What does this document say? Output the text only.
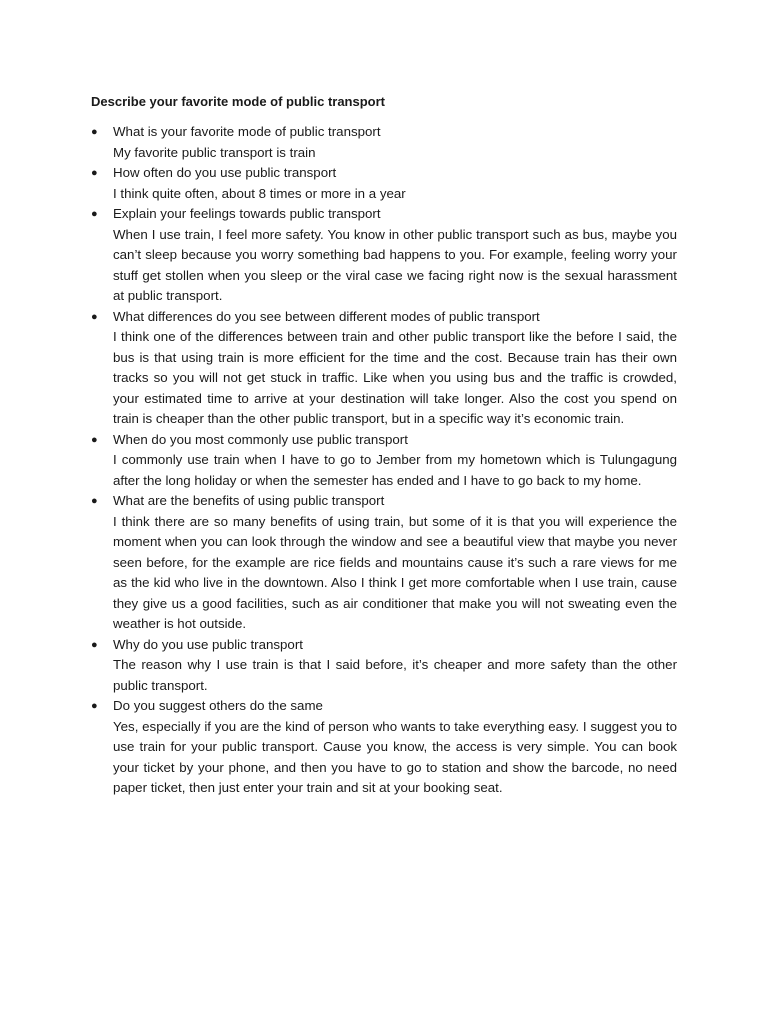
Describe your favorite mode of public transport
● What is your favorite mode of public transport
My favorite public transport is train
● How often do you use public transport
I think quite often, about 8 times or more in a year
● Explain your feelings towards public transport
When I use train, I feel more safety. You know in other public transport such as bus, maybe you can’t sleep because you worry something bad happens to you. For example, feeling worry your stuff get stollen when you sleep or the viral case we facing right now is the sexual harassment at public transport.
● What differences do you see between different modes of public transport
I think one of the differences between train and other public transport like the before I said, the bus is that using train is more efficient for the time and the cost. Because train has their own tracks so you will not get stuck in traffic. Like when you using bus and the traffic is crowded, your estimated time to arrive at your destination will take longer. Also the cost you spend on train is cheaper than the other public transport, but in a specific way it’s economic train.
● When do you most commonly use public transport
I commonly use train when I have to go to Jember from my hometown which is Tulungagung after the long holiday or when the semester has ended and I have to go back to my home.
● What are the benefits of using public transport
I think there are so many benefits of using train, but some of it is that you will experience the moment when you can look through the window and see a beautiful view that maybe you never seen before, for the example are rice fields and mountains cause it’s such a rare views for me as the kid who live in the downtown. Also I think I get more comfortable when I use train, cause they give us a good facilities, such as air conditioner that make you will not sweating even the weather is hot outside.
● Why do you use public transport
The reason why I use train is that I said before, it’s cheaper and more safety than the other public transport.
● Do you suggest others do the same
Yes, especially if you are the kind of person who wants to take everything easy. I suggest you to use train for your public transport. Cause you know, the access is very simple. You can book your ticket by your phone, and then you have to go to station and show the barcode, no need paper ticket, then just enter your train and sit at your booking seat.
